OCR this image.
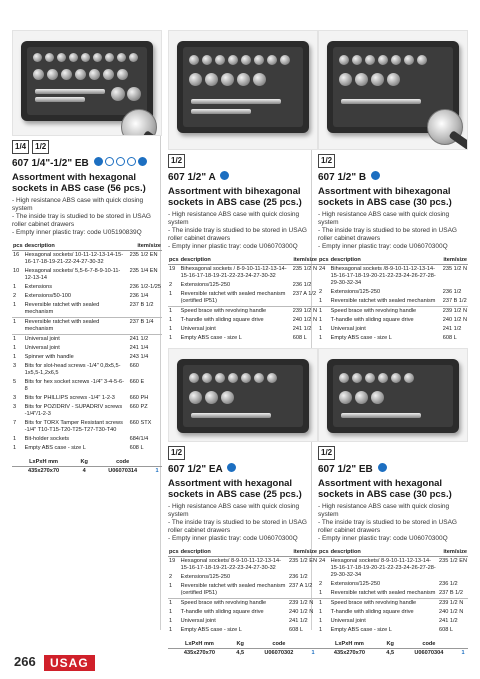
1/4	1/2
607 1/4"-1/2" EB
Assortment with hexagonal sockets in ABS case (56 pcs.)
- High resistance ABS case with quick closing system
- The inside tray is studied to be stored in USAG roller cabinet drawers
- Empty inner plastic tray: code U05190839Q
pcs	description	item/size
16	Hexagonal sockets/ 10-11-12-13-14-15-16-17-18-19-21-22-24-27-30-32	235 1/2 EN
10	Hexagonal sockets/ 5,5-6-7-8-9-10-11-12-13-14	235 1/4 EN
1	Extensions	236 1/2-1/25
2	Extensions/50-100	236 1/4
1	Reversible ratchet with sealed mechanism	237 B 1/2
1	Reversible ratchet with sealed mechanism	237 B 1/4
1	Universal joint	241 1/2
1	Universal joint	241 1/4
1	Spinner with handle	243 1/4
3	Bits for slot-head screws -1/4" 0,8x5,5-1x5,5-1,2x6,5	660
5	Bits for hex socket screws -1/4" 3-4-5-6-8	660 E
3	Bits for PHILLIPS screws -1/4" 1-2-3	660 PH
3	Bits for POZIDRIV - SUPADRIV screws -1/4"/1-2-3	660 PZ
7	Bits for TORX Tamper Resistant screws -1/4" T10-T15-T20-T25-T27-T30-T40	660 STX
1	Bit-holder sockets	684/1/4
1	Empty ABS case - size L	608 L
LxPxH mm	Kg	code	
435x270x70	4	U06070314	1
1/2
607 1/2" A
Assortment with bihexagonal sockets in ABS case (25 pcs.)
- High resistance ABS case with quick closing system
- The inside tray is studied to be stored in USAG roller cabinet drawers
- Empty inner plastic tray: code U06070300Q
pcs	description	item/size
19	Bihexagonal sockets / 8-9-10-11-12-13-14-15-16-17-18-19-21-22-23-24-27-30-32	235 1/2 N
2	Extensions/125-250	236 1/2
1	Reversible ratchet with sealed mechanism (certified IP51)	237 A 1/2
1	Speed brace with revolving handle	239 1/2 N
1	T-handle with sliding square drive	240 1/2 N
1	Universal joint	241 1/2
1	Empty ABS case - size L	608 L

1/2
607 1/2" B
Assortment with bihexagonal sockets in ABS case (30 pcs.)
- High resistance ABS case with quick closing system
- The inside tray is studied to be stored in USAG roller cabinet drawers
- Empty inner plastic tray: code U06070300Q
pcs	description	item/size
24	Bihexagonal sockets /8-9-10-11-12-13-14-15-16-17-18-19-20-21-22-23-24-26-27-28-29-30-32-34	235 1/2 N
2	Extensions/125-250	236 1/2
1	Reversible ratchet with sealed mechanism	237 B 1/2
1	Speed brace with revolving handle	239 1/2 N
1	T-handle with sliding square drive	240 1/2 N
1	Universal joint	241 1/2
1	Empty ABS case - size L	608 L

1/2
607 1/2" EA
Assortment with hexagonal sockets in ABS case (25 pcs.)
- High resistance ABS case with quick closing system
- The inside tray is studied to be stored in USAG roller cabinet drawers
- Empty inner plastic tray: code U06070300Q
pcs	description	item/size
19	Hexagonal sockets/ 8-9-10-11-12-13-14-15-16-17-18-19-21-22-23-24-27-30-32	235 1/2 EN
2	Extensions/125-250	236 1/2
1	Reversible ratchet with sealed mechanism (certified IP51)	237 A 1/2
1	Speed brace with revolving handle	239 1/2 N
1	T-handle with sliding square drive	240 1/2 N
1	Universal joint	241 1/2
1	Empty ABS case - size L	608 L
LxPxH mm	Kg	code	
435x270x70	4,5	U06070302	1
1/2
607 1/2" EB
Assortment with hexagonal sockets in ABS case (30 pcs.)
- High resistance ABS case with quick closing system
- The inside tray is studied to be stored in USAG roller cabinet drawers
- Empty inner plastic tray: code U06070300Q
pcs	description	item/size
24	Hexagonal sockets/ 8-9-10-11-12-13-14-15-16-17-18-19-20-21-22-23-24-26-27-28-29-30-32-34	235 1/2 EN
2	Extensions/125-250	236 1/2
1	Reversible ratchet with sealed mechanism	237 B 1/2
1	Speed brace with revolving handle	239 1/2 N
1	T-handle with sliding square drive	240 1/2 N
1	Universal joint	241 1/2
1	Empty ABS case - size L	608 L
LxPxH mm	Kg	code	
435x270x70	4,5	U06070304	1
266	USAG
